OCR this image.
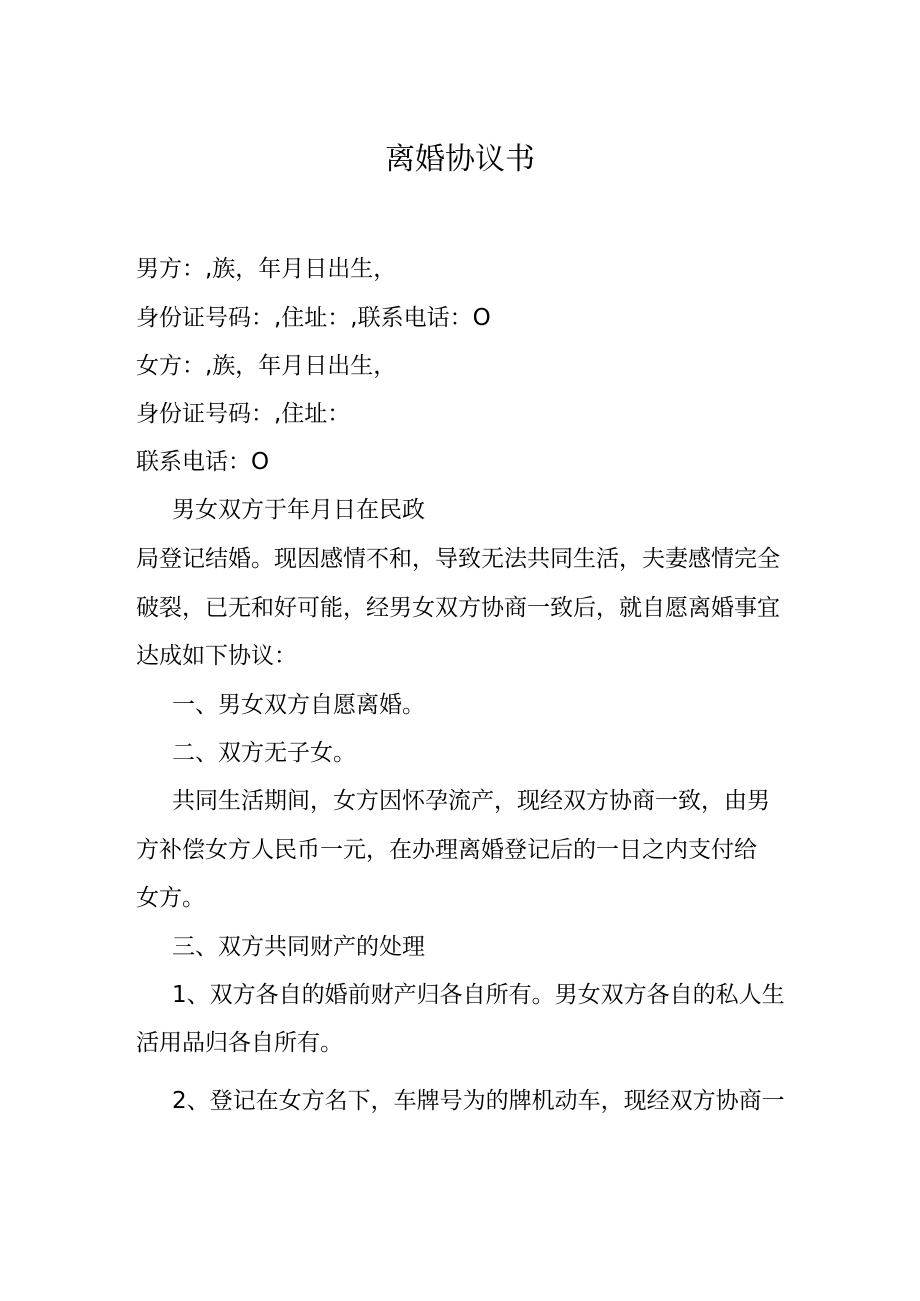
离婚协议书
男方：,族，年月日出生，
身份证号码：,住址：,联系电话：O
女方：,族，年月日出生，
身份证号码：,住址：
联系电话：O
男女双方于年月日在民政
局登记结婚。现因感情不和，导致无法共同生活，夫妻感情完全
破裂，已无和好可能，经男女双方协商一致后，就自愿离婚事宜
达成如下协议：
一、男女双方自愿离婚。
二、双方无子女。
共同生活期间，女方因怀孕流产，现经双方协商一致，由男
方补偿女方人民币一元，在办理离婚登记后的一日之内支付给
女方。
三、双方共同财产的处理
1、双方各自的婚前财产归各自所有。男女双方各自的私人生
活用品归各自所有。
2、登记在女方名下，车牌号为的牌机动车，现经双方协商一
